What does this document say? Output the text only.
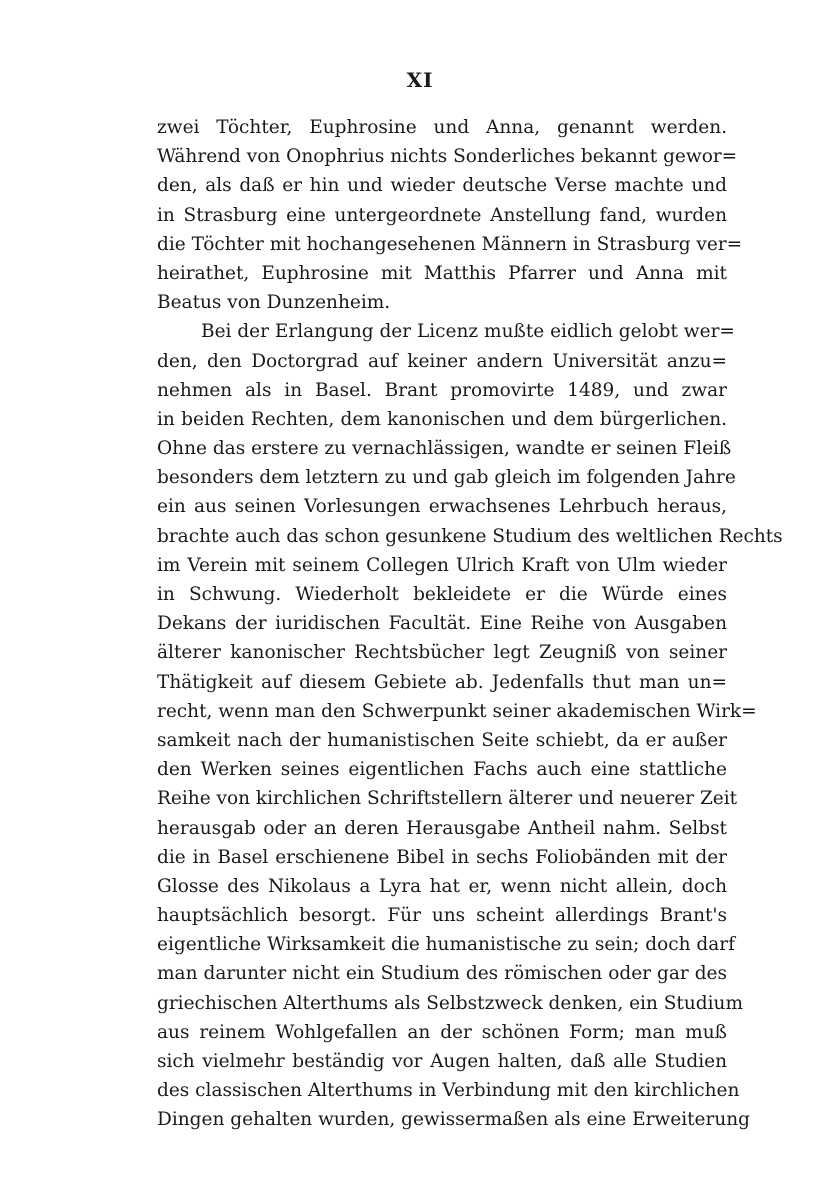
XI
zwei Töchter, Euphrosine und Anna, genannt werden.
Während von Onophrius nichts Sonderliches bekannt gewor=
den, als daß er hin und wieder deutsche Verse machte und
in Strasburg eine untergeordnete Anstellung fand, wurden
die Töchter mit hochangesehenen Männern in Strasburg ver=
heirathet, Euphrosine mit Matthis Pfarrer und Anna mit
Beatus von Dunzenheim.
Bei der Erlangung der Licenz mußte eidlich gelobt wer=
den, den Doctorgrad auf keiner andern Universität anzu=
nehmen als in Basel. Brant promovirte 1489, und zwar
in beiden Rechten, dem kanonischen und dem bürgerlichen.
Ohne das erstere zu vernachlässigen, wandte er seinen Fleiß
besonders dem letztern zu und gab gleich im folgenden Jahre
ein aus seinen Vorlesungen erwachsenes Lehrbuch heraus,
brachte auch das schon gesunkene Studium des weltlichen Rechts
im Verein mit seinem Collegen Ulrich Kraft von Ulm wieder
in Schwung. Wiederholt bekleidete er die Würde eines
Dekans der iuridischen Facultät. Eine Reihe von Ausgaben
älterer kanonischer Rechtsbücher legt Zeugniß von seiner
Thätigkeit auf diesem Gebiete ab. Jedenfalls thut man un=
recht, wenn man den Schwerpunkt seiner akademischen Wirk=
samkeit nach der humanistischen Seite schiebt, da er außer
den Werken seines eigentlichen Fachs auch eine stattliche
Reihe von kirchlichen Schriftstellern älterer und neuerer Zeit
herausgab oder an deren Herausgabe Antheil nahm. Selbst
die in Basel erschienene Bibel in sechs Foliobänden mit der
Glosse des Nikolaus a Lyra hat er, wenn nicht allein, doch
hauptsächlich besorgt. Für uns scheint allerdings Brant's
eigentliche Wirksamkeit die humanistische zu sein; doch darf
man darunter nicht ein Studium des römischen oder gar des
griechischen Alterthums als Selbstzweck denken, ein Studium
aus reinem Wohlgefallen an der schönen Form; man muß
sich vielmehr beständig vor Augen halten, daß alle Studien
des classischen Alterthums in Verbindung mit den kirchlichen
Dingen gehalten wurden, gewissermaßen als eine Erweiterung
